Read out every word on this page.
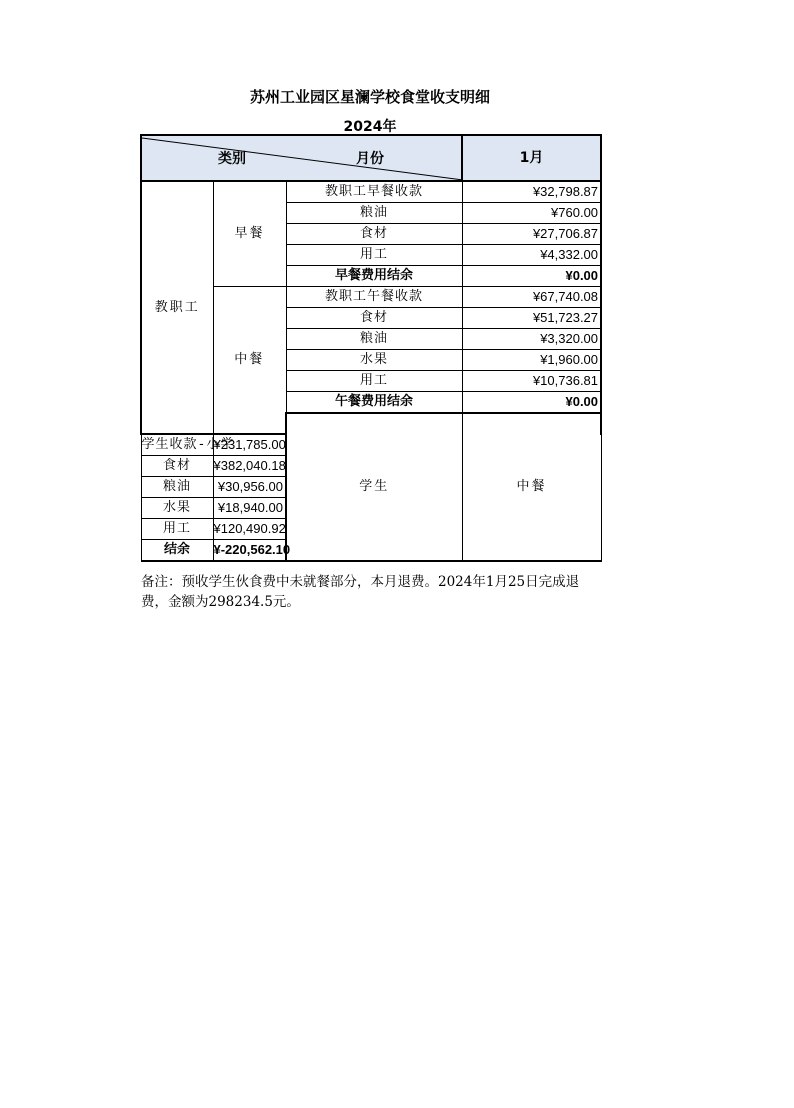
苏州工业园区星澜学校食堂收支明细
2024年
类别 月份			1月	
教职工	早餐	教职工早餐收款	¥32,798.87	
		粮油	¥760.00	
		食材	¥27,706.87	
		用工	¥4,332.00	
		早餐费用结余	¥0.00	
	中餐	教职工午餐收款	¥67,740.08	
		食材	¥51,723.27	
		粮油	¥3,320.00	
		水果	¥1,960.00	
		用工	¥10,736.81	
		午餐费用结余	¥0.00	
		学生	中餐		
学生收款-小学	¥231,785.00			
食材	¥382,040.18			
粮油	¥30,956.00			
水果	¥18,940.00			
用工	¥120,490.92			
结余	¥-220,562.10			
备注：预收学生伙食费中未就餐部分，本月退费。2024年1月25日完成退费，金额为298234.5元。
